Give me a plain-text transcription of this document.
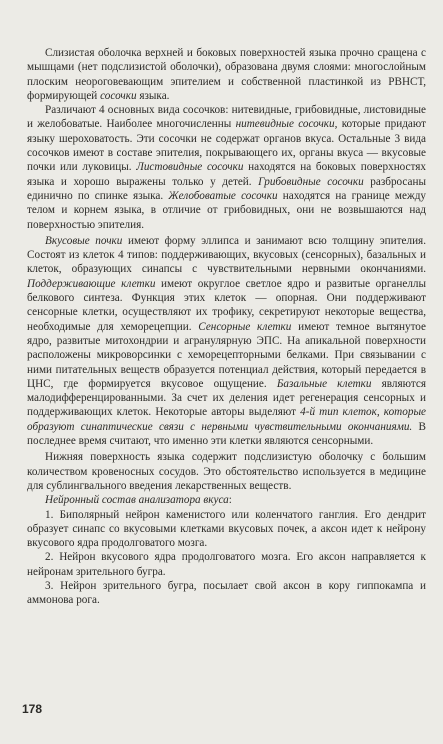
Слизистая оболочка верхней и боковых поверхностей языка прочно сращена с мышцами (нет подслизистой оболочки), образована двумя слоями: многослойным плоским неороговевающим эпителием и собственной пластинкой из РВНСТ, формирующей сосочки языка.

Различают 4 основных вида сосочков: нитевидные, грибовидные, листовидные и желобоватые. Наиболее многочисленны нитевидные сосочки, которые придают языку шероховатость. Эти сосочки не содержат органов вкуса. Остальные 3 вида сосочков имеют в составе эпителия, покрывающего их, органы вкуса — вкусовые почки или луковицы. Листовидные сосочки находятся на боковых поверхностях языка и хорошо выражены только у детей. Грибовидные сосочки разбросаны единично по спинке языка. Желобоватые сосочки находятся на границе между телом и корнем языка, в отличие от грибовидных, они не возвышаются над поверхностью эпителия.

Вкусовые почки имеют форму эллипса и занимают всю толщину эпителия. Состоят из клеток 4 типов: поддерживающих, вкусовых (сенсорных), базальных и клеток, образующих синапсы с чувствительными нервными окончаниями. Поддерживающие клетки имеют округлое светлое ядро и развитые органеллы белкового синтеза. Функция этих клеток — опорная. Они поддерживают сенсорные клетки, осуществляют их трофику, секретируют некоторые вещества, необходимые для хеморецепции. Сенсорные клетки имеют темное вытянутое ядро, развитые митохондрии и агранулярную ЭПС. На апикальной поверхности расположены микроворсинки с хеморецепторными белками. При связывании с ними питательных веществ образуется потенциал действия, который передается в ЦНС, где формируется вкусовое ощущение. Базальные клетки являются малодифференцированными. За счет их деления идет регенерация сенсорных и поддерживающих клеток. Некоторые авторы выделяют 4-й тип клеток, которые образуют синаптические связи с нервными чувствительными окончаниями. В последнее время считают, что именно эти клетки являются сенсорными.

Нижняя поверхность языка содержит подслизистую оболочку с большим количеством кровеносных сосудов. Это обстоятельство используется в медицине для сублингвального введения лекарственных веществ.

Нейронный состав анализатора вкуса:

1. Биполярный нейрон каменистого или коленчатого ганглия. Его дендрит образует синапс со вкусовыми клетками вкусовых почек, а аксон идет к нейрону вкусового ядра продолговатого мозга.

2. Нейрон вкусового ядра продолговатого мозга. Его аксон направляется к нейронам зрительного бугра.

3. Нейрон зрительного бугра, посылает свой аксон в кору гиппокампа и аммонова рога.

178
